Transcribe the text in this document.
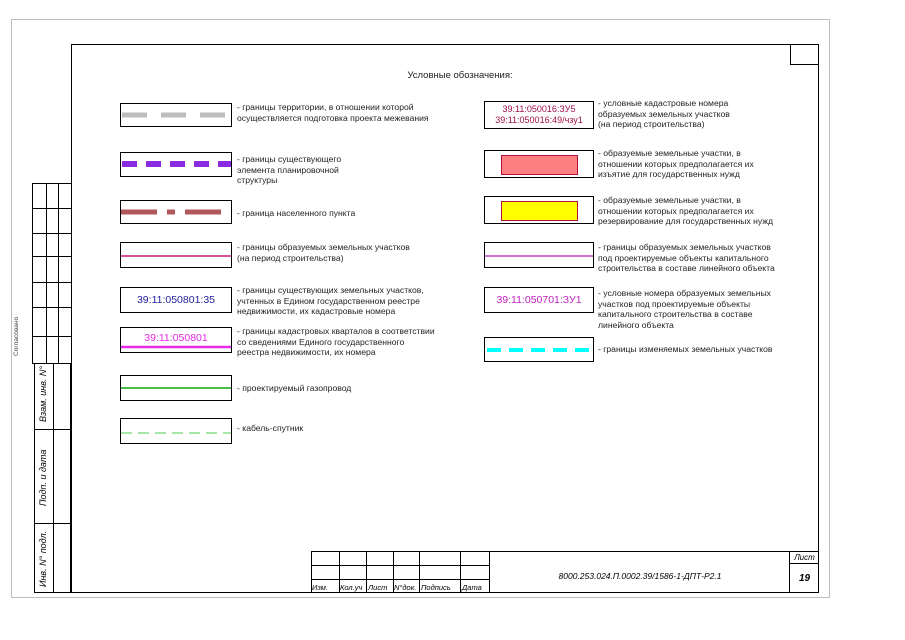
Условные обозначения:
- границы территории, в отношении которой
осуществляется подготовка проекта межевания
- границы существующего
элемента планировочной
структуры
- граница населенного пункта
- границы образуемых земельных участков
(на период строительства)
39:11:050801:35
- границы существующих земельных участков,
учтенных в Едином государственном реестре
недвижимости, их кадастровые номера
39:11:050801
- границы кадастровых кварталов в соответствии
со сведениями Единого государственного
реестра недвижимости, их номера
- проектируемый газопровод
- кабель-спутник
39:11:050016:ЗУ5
39:11:050016:49/чзу1
- условные кадастровые номера
образуемых земельных участков
(на период строительства)
- образуемые земельные участки, в
отношении которых предполагается их
изъятие для государственных нужд
- образуемые земельные участки, в
отношении которых предполагается их
резервирование для государственных нужд
- границы образуемых земельных участков
под проектируемые объекты капитального
строительства в составе линейного объекта
39:11:050701:ЗУ1
- условные номера образуемых земельных
участков под проектируемые объекты
капитального строительства в составе
линейного объекта
- границы изменяемых земельных участков
Согласовано
Взам. инв. N°
Подп. и дата
Инв. N° подл.
Изм. Кол.уч Лист N°док. Подпись Дата
8000.253.024.П.0002.39/1586-1-ДПТ-Р2.1
Лист
19
